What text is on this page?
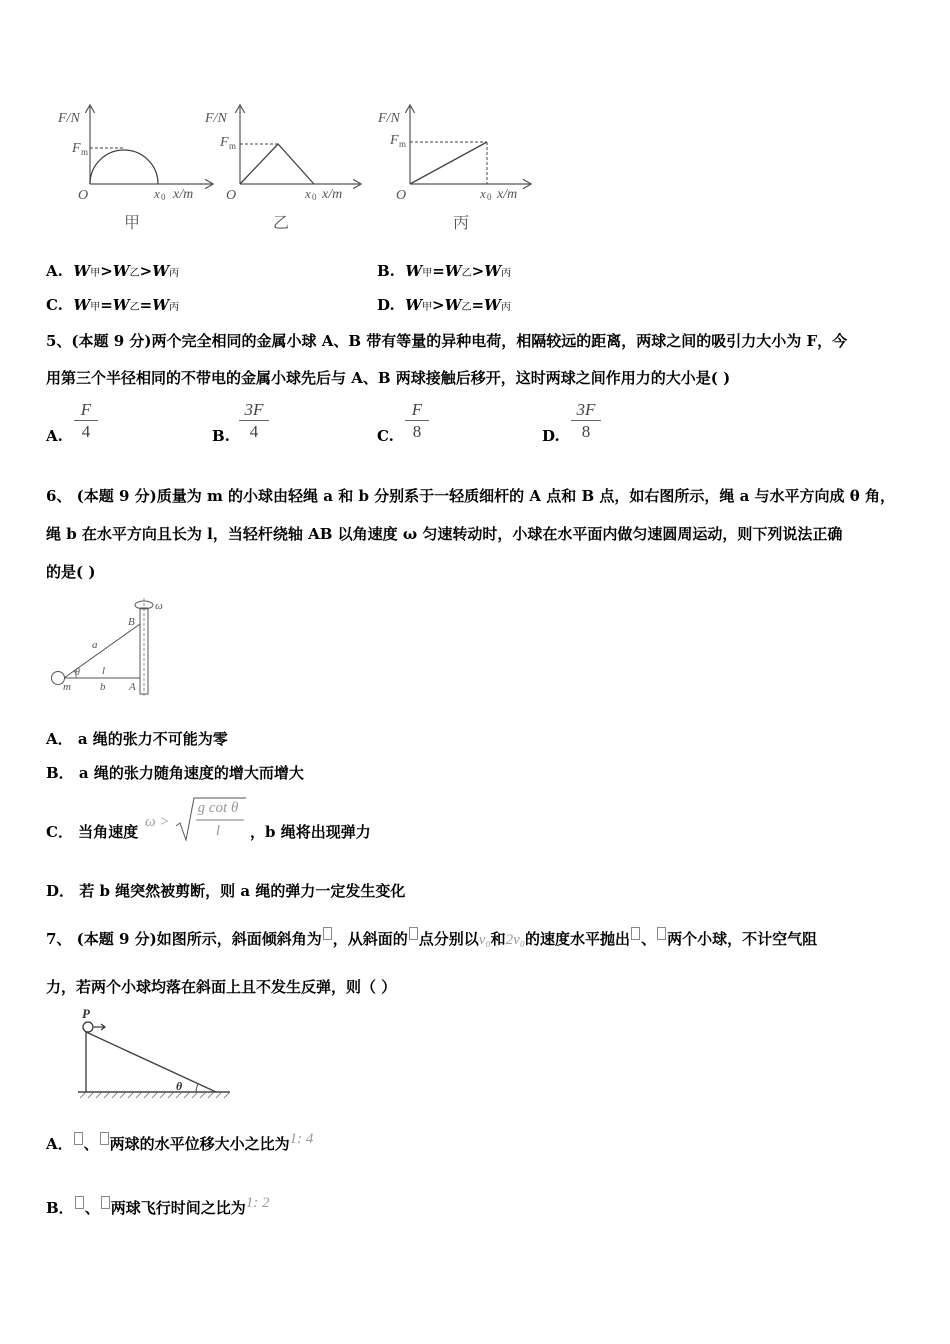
F/N
F m
O	x 0 x/m
甲
F/N
F m
O	x 0 x/m
乙
F/N
F m
O	x 0 x/m
丙
A. W甲>W乙>W丙	B. W甲=W乙>W丙
C. W甲=W乙=W丙	D. W甲>W乙=W丙
5、(本题 9 分)两个完全相同的金属小球 A、B 带有等量的异种电荷，相隔较远的距离，两球之间的吸引力大小为 F，今
用第三个半径相同的不带电的金属小球先后与 A、B 两球接触后移开，这时两球之间作用力的大小是( )
A.
F
4	B.
3F
4	C.
F
8	D.
3F
8
6、 (本题 9 分)质量为 m 的小球由轻绳 a 和 b 分别系于一轻质细杆的 A 点和 B 点，如右图所示，绳 a 与水平方向成 θ 角，
绳 b 在水平方向且长为 l，当轻杆绕轴 AB 以角速度 ω 匀速转动时，小球在水平面内做匀速圆周运动，则下列说法正确
的是( )
ω
B
a
θ l
m	b A
A． a 绳的张力不可能为零
B． a 绳的张力随角速度的增大而增大
C． 当角速度
ω >
g cot θ
l	，b 绳将出现弹力
D． 若 b 绳突然被剪断，则 a 绳的弹力一定发生变化
7、 (本题 9 分)如图所示，斜面倾斜角为 ，从斜面的 点分别以v₀和2v₀的速度水平抛出 、 两个小球，不计空气阻
力，若两个小球均落在斜面上且不发生反弹，则（ ）
P
θ
A． 、 两球的水平位移大小之比为1: 4
B． 、 两球飞行时间之比为1: 2
